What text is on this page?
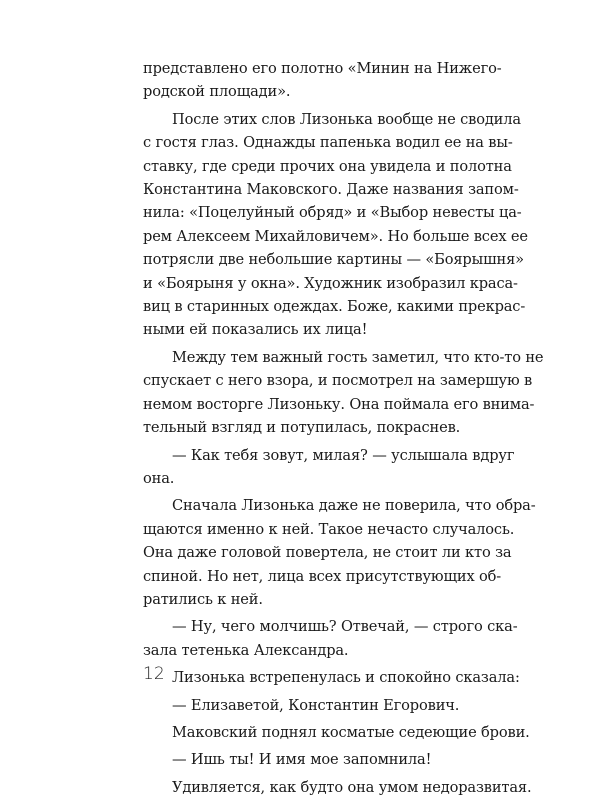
представлено его полотно «Минин на Нижего-
родской площади».
После этих слов Лизонька вообще не сводила
с гостя глаз. Однажды папенька водил ее на вы-
ставку, где среди прочих она увидела и полотна
Константина Маковского. Даже названия запом-
нила: «Поцелуйный обряд» и «Выбор невесты ца-
рем Алексеем Михайловичем». Но больше всех ее
потрясли две небольшие картины — «Боярышня»
и «Боярыня у окна». Художник изобразил краса-
виц в старинных одеждах. Боже, какими прекрас-
ными ей показались их лица!
Между тем важный гость заметил, что кто-то не
спускает с него взора, и посмотрел на замершую в
немом восторге Лизоньку. Она поймала его внима-
тельный взгляд и потупилась, покраснев.
— Как тебя зовут, милая? — услышала вдруг
она.
Сначала Лизонька даже не поверила, что обра-
щаются именно к ней. Такое нечасто случалось.
Она даже головой повертела, не стоит ли кто за
спиной. Но нет, лица всех присутствующих об-
ратились к ней.
— Ну, чего молчишь? Отвечай, — строго ска-
зала тетенька Александра.
Лизонька встрепенулась и спокойно сказала:
— Елизаветой, Константин Егорович.
Маковский поднял косматые седеющие брови.
— Ишь ты! И имя мое запомнила!
Удивляется, как будто она умом недоразвитая.
12
